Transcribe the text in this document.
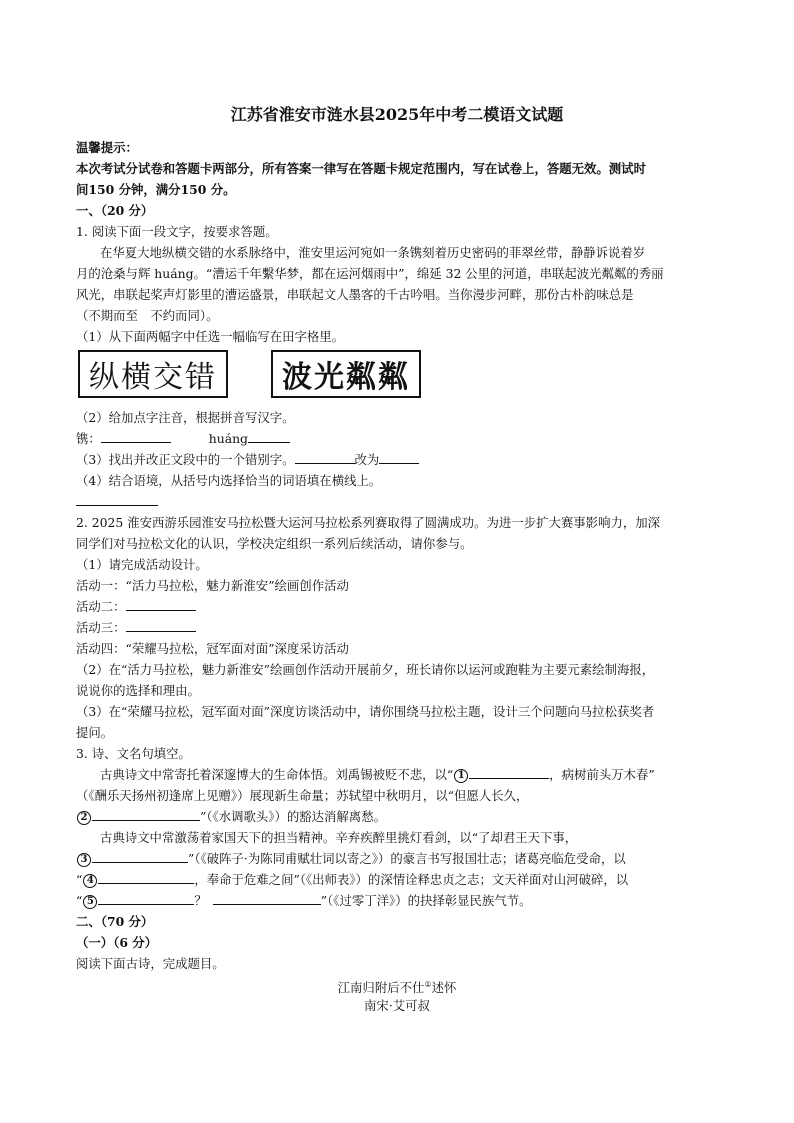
江苏省淮安市涟水县2025年中考二模语文试题
温馨提示：
本次考试分试卷和答题卡两部分，所有答案一律写在答题卡规定范围内，写在试卷上，答题无效。测试时
间150 分钟，满分150 分。
一、（20 分）
1. 阅读下面一段文字，按要求答题。
在华夏大地纵横交错的水系脉络中，淮安里运河宛如一条镌刻着历史密码的菲翠丝带，静静诉说着岁
月的沧桑与辉 huáng。“漕运千年繫华梦，都在运河烟雨中”，绵延 32 公里的河道，串联起波光粼粼的秀丽
风光，串联起桨声灯影里的漕运盛景，串联起文人墨客的千古吟唱。当你漫步河畔，那份古朴韵味总是
（不期而至　不约而同）。
（1）从下面两幅字中任选一幅临写在田字格里。
纵横交错 波光粼粼
（2）给加点字注音，根据拼音写汉字。
镌：	huáng
（3）找出并改正文段中的一个错别字。	改为
（4）结合语境，从括号内选择恰当的词语填在横线上。
2. 2025 淮安西游乐园淮安马拉松暨大运河马拉松系列赛取得了圆满成功。为进一步扩大赛事影响力，加深
同学们对马拉松文化的认识，学校决定组织一系列后续活动，请你参与。
（1）请完成活动设计。
活动一：“活力马拉松，魅力新淮安”绘画创作活动
活动二：
活动三：
活动四：“荣耀马拉松，冠军面对面”深度采访活动
（2）在“活力马拉松，魅力新淮安”绘画创作活动开展前夕，班长请你以运河或跑鞋为主要元素绘制海报，
说说你的选择和理由。
（3）在“荣耀马拉松，冠军面对面”深度访谈活动中，请你围绕马拉松主题，设计三个问题向马拉松获奖者
提问。
3. 诗、文名句填空。
古典诗文中常寄托着深邃博大的生命体悟。刘禹锡被贬不悲，以“ 1	，病树前头万木春”
（《酬乐天扬州初逢席上见赠》）展现新生命量；苏轼望中秋明月，以“但愿人长久，
2	”（《水调歌头》）的豁达消解离愁。
古典诗文中常激荡着家国天下的担当精神。辛弃疾醉里挑灯看剑，以“了却君王天下事，
3	”（《破阵子·为陈同甫赋壮词以寄之》）的豪言书写报国壮志；诸葛亮临危受命，以
“ 4	，奉命于危难之间”（《出师表》）的深情诠释忠贞之志；文天祥面对山河破碎，以
“ 5	？	”（《过零丁洋》）的抉择彰显民族气节。
二、（70 分）
（一）（6 分）
阅读下面古诗，完成题目。
江南归附后不仕①述怀
南宋·艾可叔
